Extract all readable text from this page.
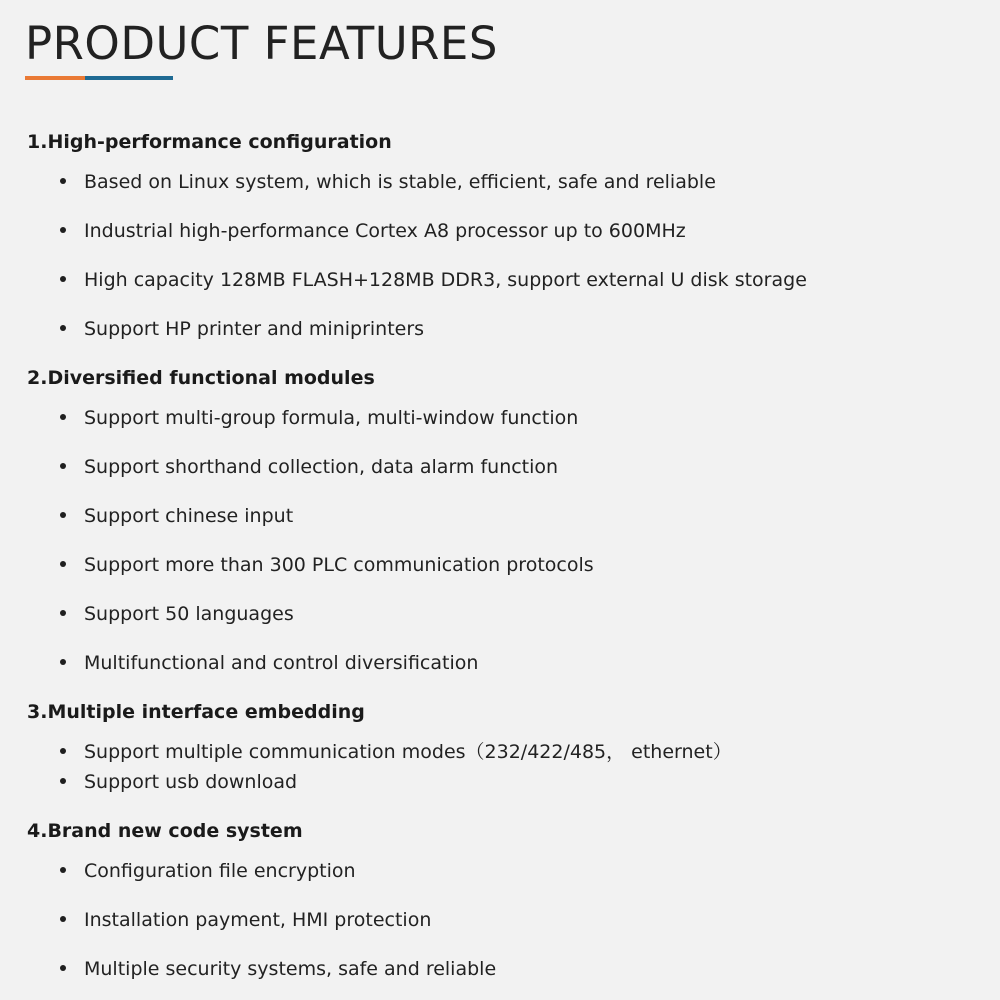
PRODUCT FEATURES
1.High-performance configuration
Based on Linux system, which is stable, efficient, safe and reliable
Industrial high-performance Cortex A8 processor up to 600MHz
High capacity 128MB FLASH+128MB DDR3, support external U disk storage
Support HP printer and miniprinters
2.Diversified functional modules
Support multi-group formula, multi-window function
Support shorthand collection, data alarm function
Support chinese input
Support more than 300 PLC communication protocols
Support 50 languages
Multifunctional and control diversification
3.Multiple interface embedding
Support multiple communication modes（232/422/485， ethernet）
Support usb download
4.Brand new code system
Configuration file encryption
Installation payment, HMI protection
Multiple security systems, safe and reliable
